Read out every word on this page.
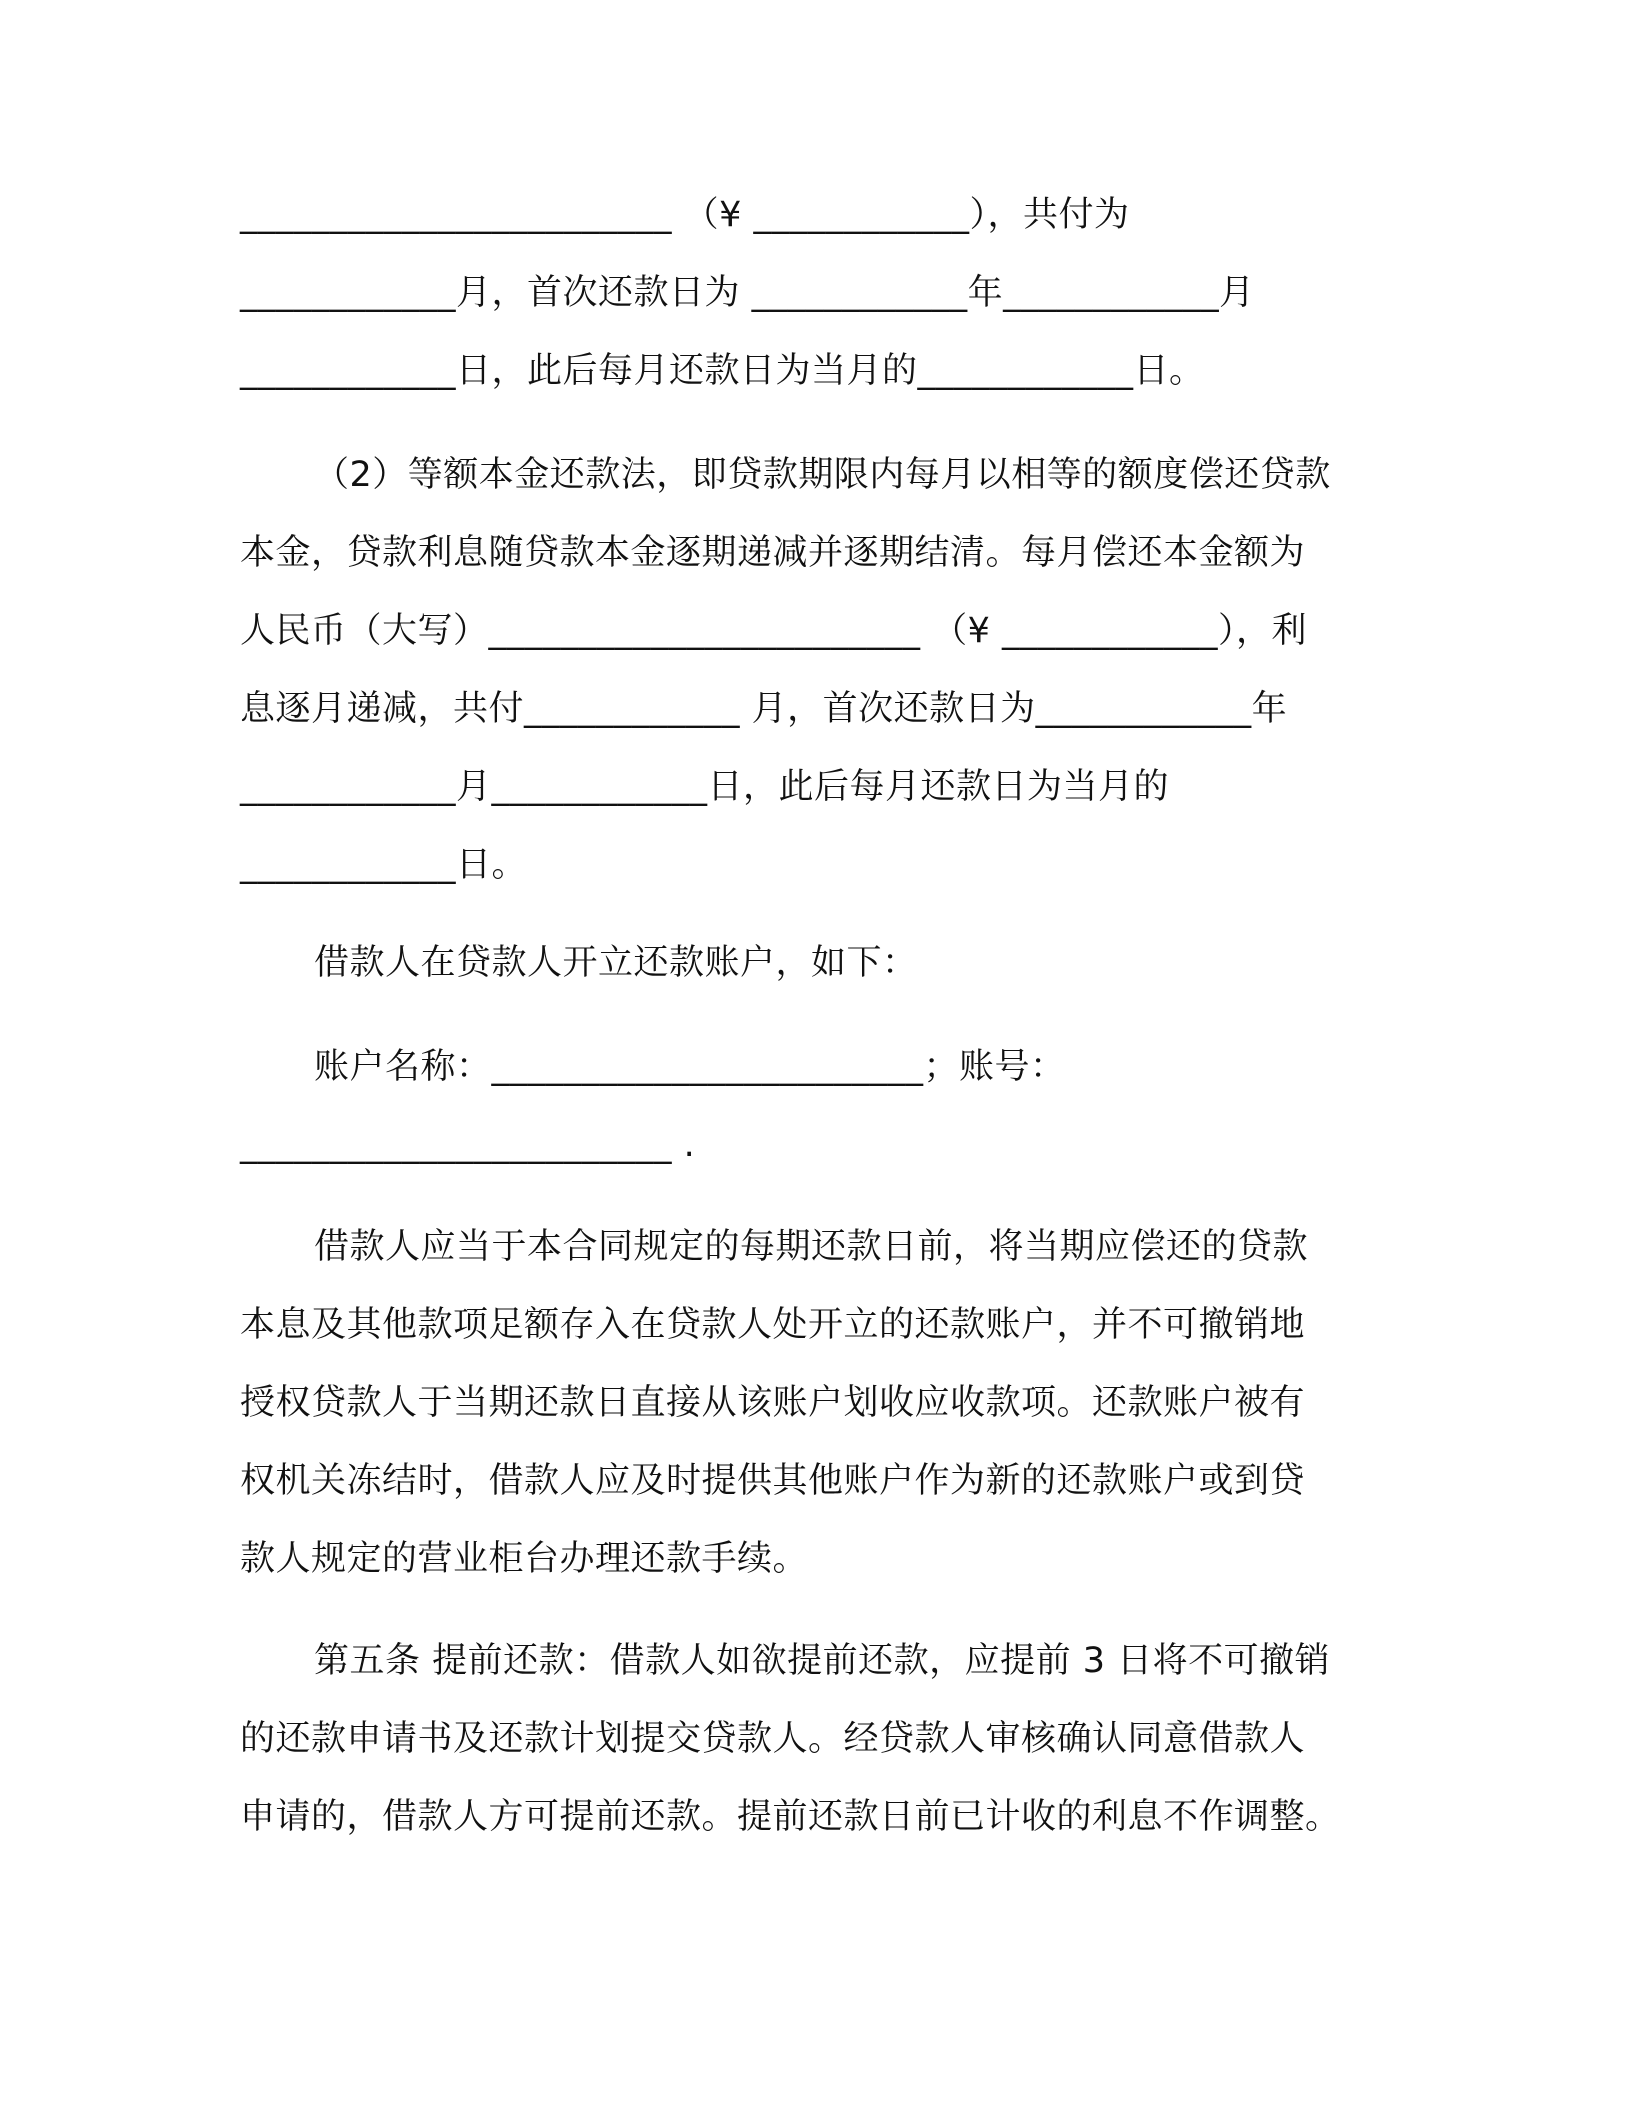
________________________ （¥ ____________），共付为
____________月，首次还款日为 ____________年____________月
____________日，此后每月还款日为当月的____________日。
（2）等额本金还款法，即贷款期限内每月以相等的额度偿还贷款
本金，贷款利息随贷款本金逐期递减并逐期结清。每月偿还本金额为
人民币（大写）________________________ （¥ ____________），利
息逐月递减，共付____________ 月，首次还款日为____________年
____________月____________日，此后每月还款日为当月的
____________日。
借款人在贷款人开立还款账户，如下：
账户名称：________________________；账号：
________________________ .
借款人应当于本合同规定的每期还款日前，将当期应偿还的贷款
本息及其他款项足额存入在贷款人处开立的还款账户，并不可撤销地
授权贷款人于当期还款日直接从该账户划收应收款项。还款账户被有
权机关冻结时，借款人应及时提供其他账户作为新的还款账户或到贷
款人规定的营业柜台办理还款手续。
第五条 提前还款：借款人如欲提前还款，应提前 3 日将不可撤销
的还款申请书及还款计划提交贷款人。经贷款人审核确认同意借款人
申请的，借款人方可提前还款。提前还款日前已计收的利息不作调整。
